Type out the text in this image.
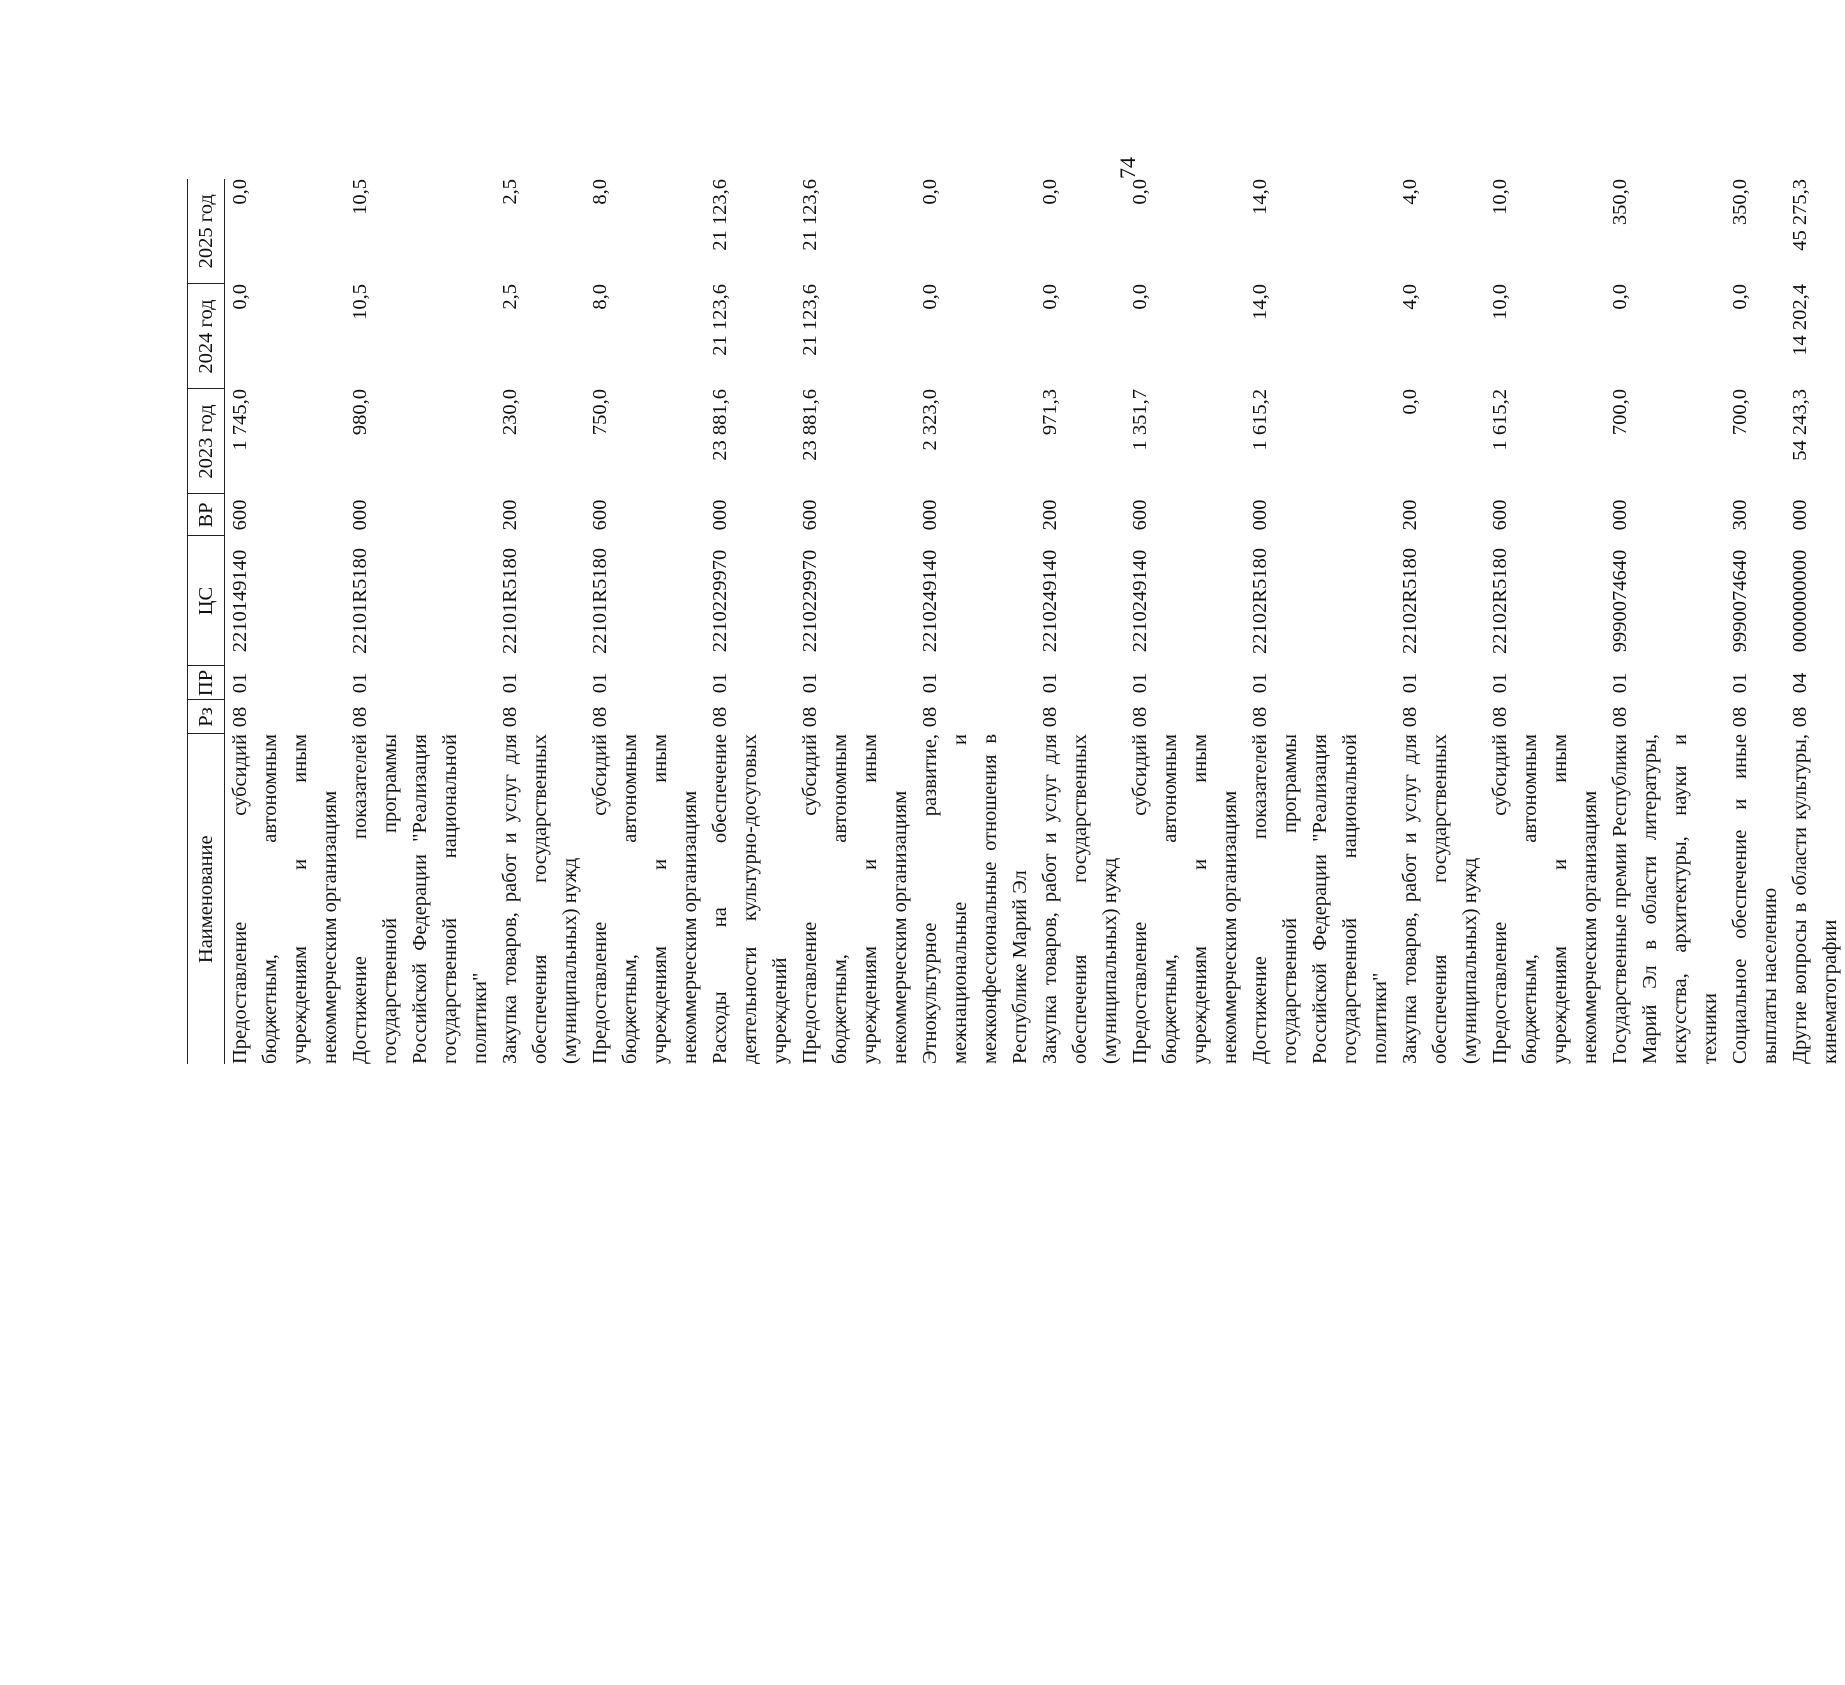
74
Наименование	Рз	ПР	ЦС	ВР	2023 год	2024 год	2025 год
Предоставление субсидий бюджетным, автономным учреждениям и иным некоммерческим организациям	08	01	2210149140	600	1 745,0	0,0	0,0
Достижение показателей государственной программы Российской Федерации "Реализация государственной национальной политики"	08	01	22101R5180	000	980,0	10,5	10,5
Закупка товаров, работ и услуг для обеспечения государственных (муниципальных) нужд	08	01	22101R5180	200	230,0	2,5	2,5
Предоставление субсидий бюджетным, автономным учреждениям и иным некоммерческим организациям	08	01	22101R5180	600	750,0	8,0	8,0
Расходы на обеспечение деятельности культурно-досуговых учреждений	08	01	2210229970	000	23 881,6	21 123,6	21 123,6
Предоставление субсидий бюджетным, автономным учреждениям и иным некоммерческим организациям	08	01	2210229970	600	23 881,6	21 123,6	21 123,6
Этнокультурное развитие, межнациональные и межконфессиональные отношения в Республике Марий Эл	08	01	2210249140	000	2 323,0	0,0	0,0
Закупка товаров, работ и услуг для обеспечения государственных (муниципальных) нужд	08	01	2210249140	200	971,3	0,0	0,0
Предоставление субсидий бюджетным, автономным учреждениям и иным некоммерческим организациям	08	01	2210249140	600	1 351,7	0,0	0,0
Достижение показателей государственной программы Российской Федерации "Реализация государственной национальной политики"	08	01	22102R5180	000	1 615,2	14,0	14,0
Закупка товаров, работ и услуг для обеспечения государственных (муниципальных) нужд	08	01	22102R5180	200	0,0	4,0	4,0
Предоставление субсидий бюджетным, автономным учреждениям и иным некоммерческим организациям	08	01	22102R5180	600	1 615,2	10,0	10,0
Государственные премии Республики Марий Эл в области литературы, искусства, архитектуры, науки и техники	08	01	9990074640	000	700,0	0,0	350,0
Социальное обеспечение и иные выплаты населению	08	01	9990074640	300	700,0	0,0	350,0
Другие вопросы в области культуры, кинематографии	08	04	0000000000	000	54 243,3	14 202,4	45 275,3
